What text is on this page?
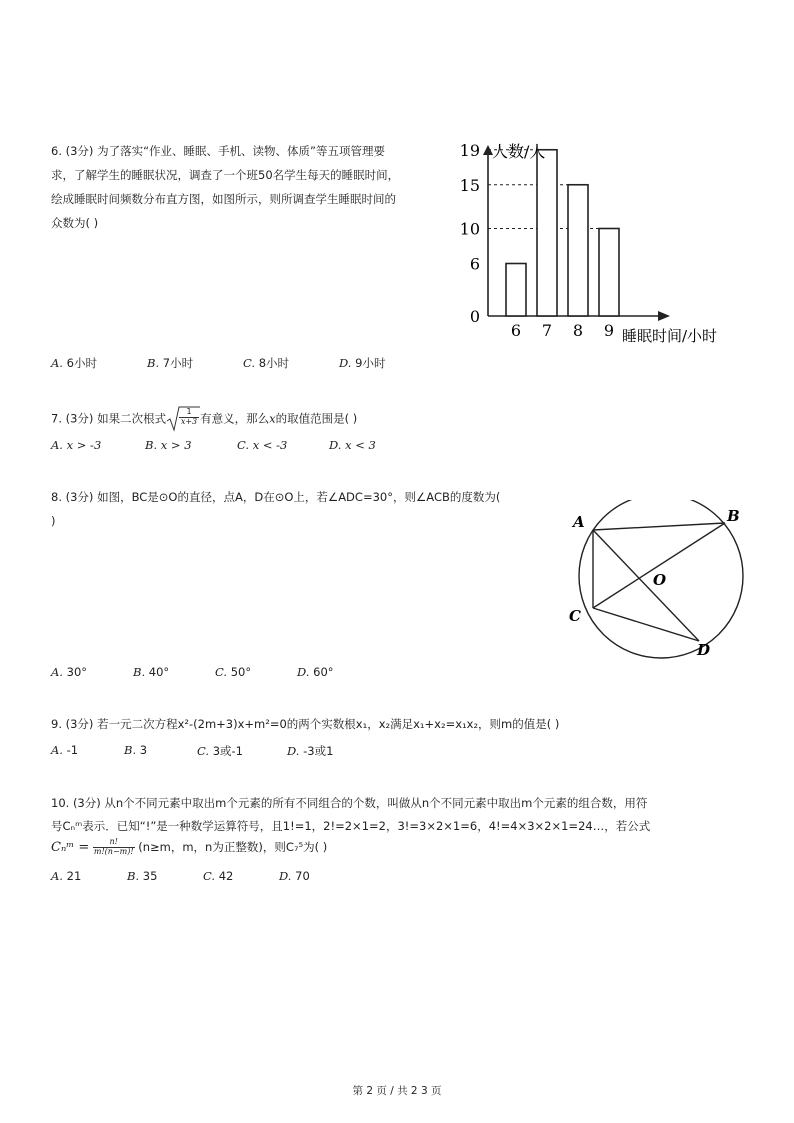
6. (3分) 为了落实“作业、睡眠、手机、读物、体质”等五项管理要
求，了解学生的睡眠状况，调查了一个班50名学生每天的睡眠时间，
绘成睡眠时间频数分布直方图，如图所示，则所调查学生睡眠时间的
众数为( )
0
6
10
15
19
6 7 8 9
人数/人
睡眠时间/小时
A. 6小时	B. 7小时	C. 8小时	D. 9小时
7. (3分) 如果二次根式 $\frac{1}{x+3}$ 有意义，那么x的取值范围是( )
A. x > -3	B. x > 3	C. x < -3	D. x < 3
8. (3分) 如图，BC是⊙O的直径，点A，D在⊙O上，若∠ADC=30°，则∠ACB的度数为(
)	A	B
C
D
O
A. 30°	B. 40°	C. 50°	D. 60°
9. (3分) 若一元二次方程x²-(2m+3)x+m²=0的两个实数根x₁，x₂满足x₁+x₂=x₁x₂，则m的值是( )
A. -1	B. 3	C. 3或-1	D. -3或1
10. (3分) 从n个不同元素中取出m个元素的所有不同组合的个数，叫做从n个不同元素中取出m个元素的组合数，用符
号Cₙᵐ表示．已知“!”是一种数学运算符号，且1!=1，2!=2×1=2，3!=3×2×1=6，4!=4×3×2×1=24…，若公式
Cₙᵐ = $\frac{n!}{m!(n-m)!} (n\ge m$，m，n为正整数)，则C₇⁵为( )
A. 21	B. 35	C. 42	D. 70
第 2 页 / 共 2 3 页
